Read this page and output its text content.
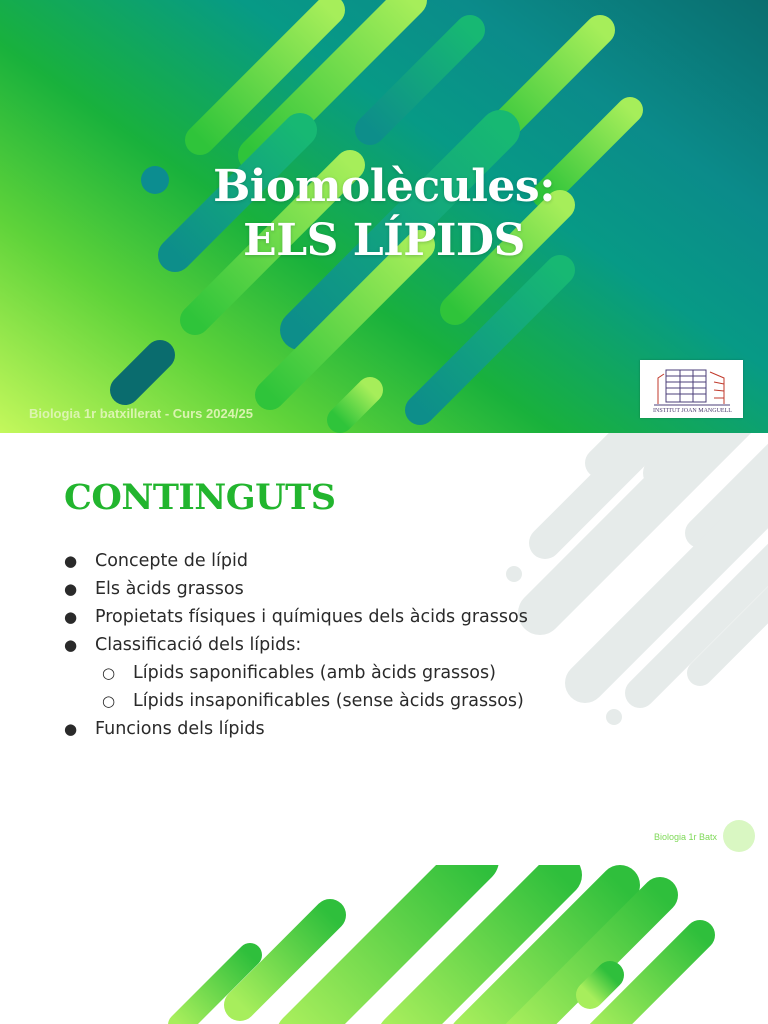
Biomolècules:
ELS LÍPIDS
Biologia 1r batxillerat - Curs 2024/25	INSTITUT JOAN MANGUELL
CONTINGUTS
● Concepte de lípid
● Els àcids grassos
● Propietats físiques i químiques dels àcids grassos
● Classificació dels lípids:
○ Lípids saponificables (amb àcids grassos)
○ Lípids insaponificables (sense àcids grassos)
● Funcions dels lípids
Biologia 1r Batx
